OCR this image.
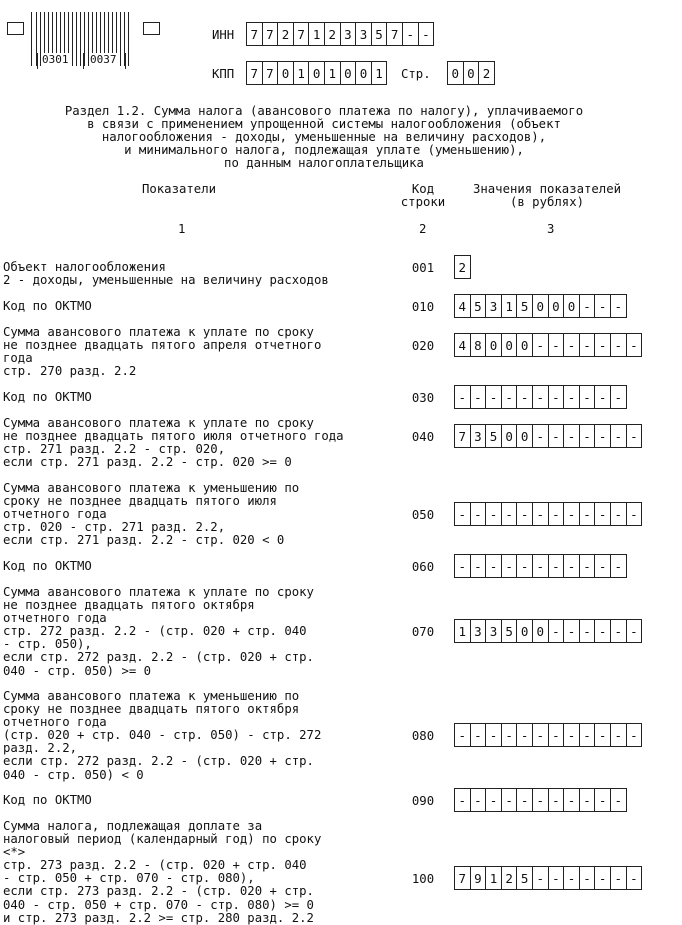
0301 0037
ИНН 7 7 2 7 1 2 3 3 5 7 - -
КПП 7 7 0 1 0 1 0 0 1	Стр. 0 0 2
Раздел 1.2. Сумма налога (авансового платежа по налогу), уплачиваемого
в связи с применением упрощенной системы налогообложения (объект
налогообложения - доходы, уменьшенные на величину расходов),
и минимального налога, подлежащая уплате (уменьшению),
по данным налогоплательщика
Показатели	Код
строки
Значения показателей
(в рублях)
1	2	3
Объект налогообложения
2 - доходы, уменьшенные на величину расходов
001	2
Код по ОКТМО	010	4 5 3 1 5 0 0 0 - - -
Сумма авансового платежа к уплате по сроку
не позднее двадцать пятого апреля отчетного
года
стр. 270 разд. 2.2
020	4 8 0 0 0 - - - - - - -
Код по ОКТМО	030	- - - - - - - - - - -
Сумма авансового платежа к уплате по сроку
не позднее двадцать пятого июля отчетного года
стр. 271 разд. 2.2 - стр. 020,
если стр. 271 разд. 2.2 - стр. 020 >= 0
040	7 3 5 0 0 - - - - - - -
Сумма авансового платежа к уменьшению по
сроку не позднее двадцать пятого июля
отчетного года
стр. 020 - стр. 271 разд. 2.2,
если стр. 271 разд. 2.2 - стр. 020 < 0
050	- - - - - - - - - - - -
Код по ОКТМО	060	- - - - - - - - - - -
Сумма авансового платежа к уплате по сроку
не позднее двадцать пятого октября
отчетного года
стр. 272 разд. 2.2 - (стр. 020 + стр. 040
- стр. 050),
если стр. 272 разд. 2.2 - (стр. 020 + стр.
040 - стр. 050) >= 0
070	1 3 3 5 0 0 - - - - - -
Сумма авансового платежа к уменьшению по
сроку не позднее двадцать пятого октября
отчетного года
(стр. 020 + стр. 040 - стр. 050) - стр. 272
разд. 2.2,
если стр. 272 разд. 2.2 - (стр. 020 + стр.
040 - стр. 050) < 0
080	- - - - - - - - - - - -
Код по ОКТМО	090	- - - - - - - - - - -
Сумма налога, подлежащая доплате за
налоговый период (календарный год) по сроку
<*>
стр. 273 разд. 2.2 - (стр. 020 + стр. 040
- стр. 050 + стр. 070 - стр. 080),
если стр. 273 разд. 2.2 - (стр. 020 + стр.
040 - стр. 050 + стр. 070 - стр. 080) >= 0
и стр. 273 разд. 2.2 >= стр. 280 разд. 2.2
100	7 9 1 2 5 - - - - - - -
